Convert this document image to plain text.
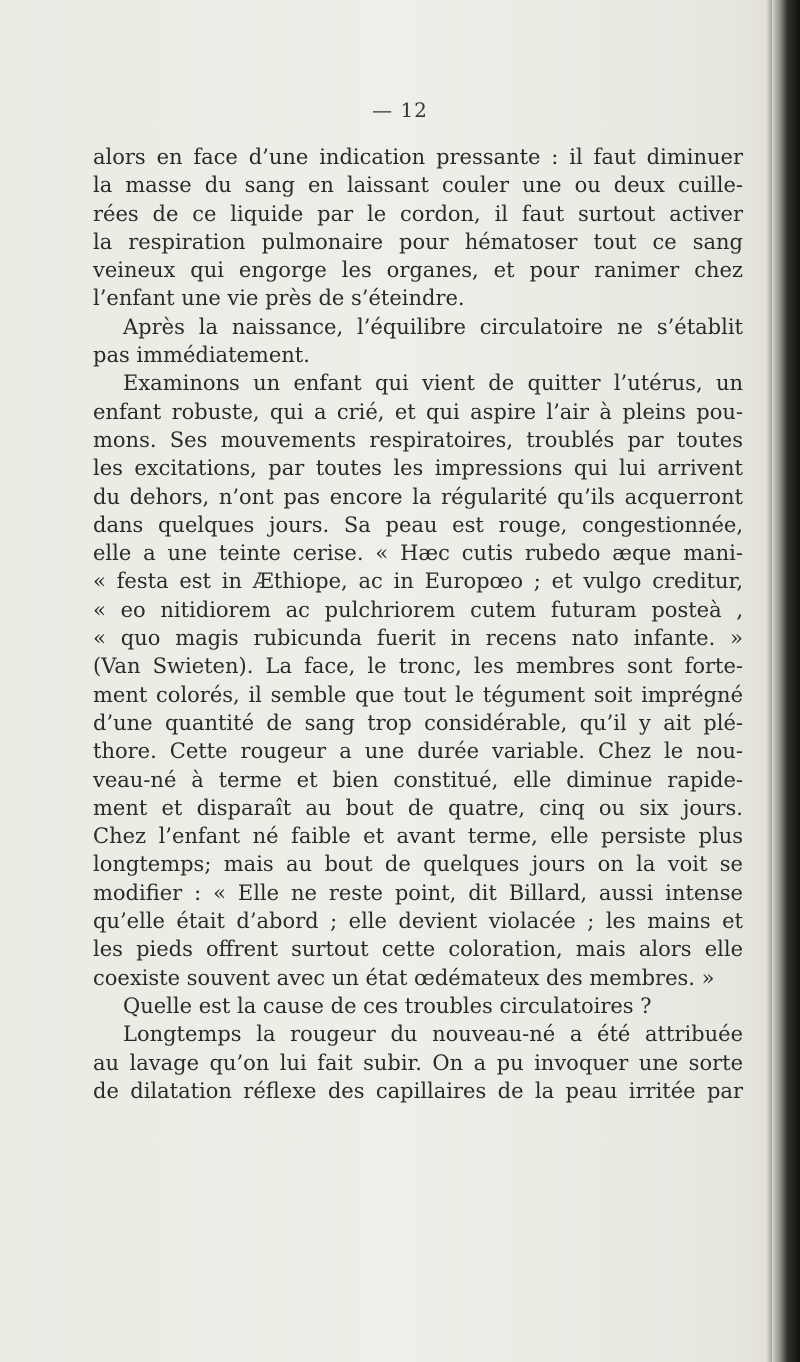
— 12
alors en face d’une indication pressante : il faut diminuer
la masse du sang en laissant couler une ou deux cuille-
rées de ce liquide par le cordon, il faut surtout activer
la respiration pulmonaire pour hématoser tout ce sang
veineux qui engorge les organes, et pour ranimer chez
l’enfant une vie près de s’éteindre.
Après la naissance, l’équilibre circulatoire ne s’établit
pas immédiatement.
Examinons un enfant qui vient de quitter l’utérus, un
enfant robuste, qui a crié, et qui aspire l’air à pleins pou-
mons. Ses mouvements respiratoires, troublés par toutes
les excitations, par toutes les impressions qui lui arrivent
du dehors, n’ont pas encore la régularité qu’ils acquerront
dans quelques jours. Sa peau est rouge, congestionnée,
elle a une teinte cerise. « Hæc cutis rubedo æque mani-
« festa est in Æthiope, ac in Europœo ; et vulgo creditur,
« eo nitidiorem ac pulchriorem cutem futuram posteà ,
« quo magis rubicunda fuerit in recens nato infante. »
(Van Swieten). La face, le tronc, les membres sont forte-
ment colorés, il semble que tout le tégument soit imprégné
d’une quantité de sang trop considérable, qu’il y ait plé-
thore. Cette rougeur a une durée variable. Chez le nou-
veau-né à terme et bien constitué, elle diminue rapide-
ment et disparaît au bout de quatre, cinq ou six jours.
Chez l’enfant né faible et avant terme, elle persiste plus
longtemps; mais au bout de quelques jours on la voit se
modifier : « Elle ne reste point, dit Billard, aussi intense
qu’elle était d’abord ; elle devient violacée ; les mains et
les pieds offrent surtout cette coloration, mais alors elle
coexiste souvent avec un état œdémateux des membres. »
Quelle est la cause de ces troubles circulatoires ?
Longtemps la rougeur du nouveau-né a été attribuée
au lavage qu’on lui fait subir. On a pu invoquer une sorte
de dilatation réflexe des capillaires de la peau irritée par
